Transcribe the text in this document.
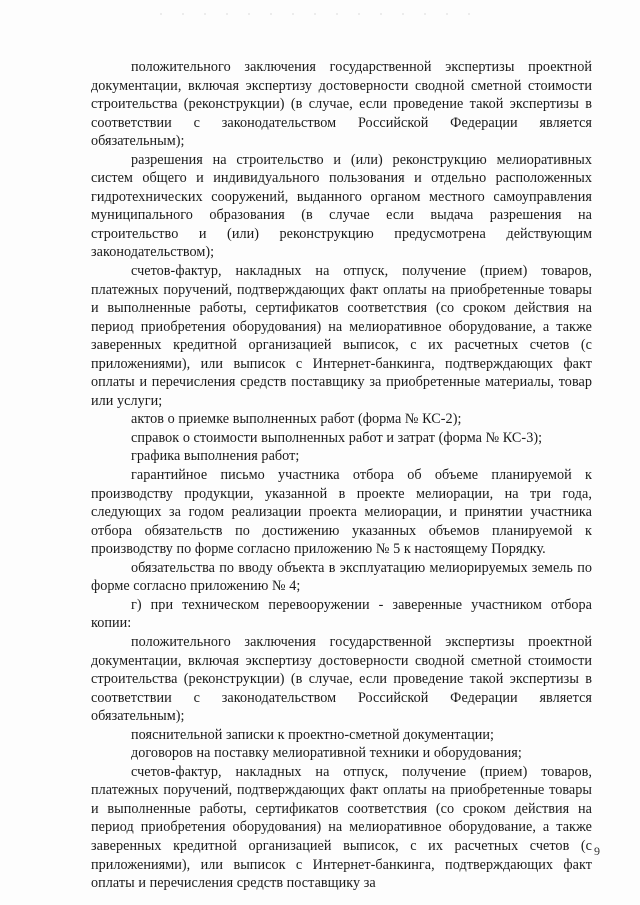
положительного заключения государственной экспертизы проектной документации, включая экспертизу достоверности сводной сметной стоимости строительства (реконструкции) (в случае, если проведение такой экспертизы в соответствии с законодательством Российской Федерации является обязательным);

разрешения на строительство и (или) реконструкцию мелиоративных систем общего и индивидуального пользования и отдельно расположенных гидротехнических сооружений, выданного органом местного самоуправления муниципального образования (в случае если выдача разрешения на строительство и (или) реконструкцию предусмотрена действующим законодательством);

счетов-фактур, накладных на отпуск, получение (прием) товаров, платежных поручений, подтверждающих факт оплаты на приобретенные товары и выполненные работы, сертификатов соответствия (со сроком действия на период приобретения оборудования) на мелиоративное оборудование, а также заверенных кредитной организацией выписок, с их расчетных счетов (с приложениями), или выписок с Интернет-банкинга, подтверждающих факт оплаты и перечисления средств поставщику за приобретенные материалы, товар или услуги;

актов о приемке выполненных работ (форма № КС-2);

справок о стоимости выполненных работ и затрат (форма № КС-3);

графика выполнения работ;

гарантийное письмо участника отбора об объеме планируемой к производству продукции, указанной в проекте мелиорации, на три года, следующих за годом реализации проекта мелиорации, и принятии участника отбора обязательств по достижению указанных объемов планируемой к производству по форме согласно приложению № 5 к настоящему Порядку.

обязательства по вводу объекта в эксплуатацию мелиорируемых земель по форме согласно приложению № 4;

г) при техническом перевооружении - заверенные участником отбора копии:

положительного заключения государственной экспертизы проектной документации, включая экспертизу достоверности сводной сметной стоимости строительства (реконструкции) (в случае, если проведение такой экспертизы в соответствии с законодательством Российской Федерации является обязательным);

пояснительной записки к проектно-сметной документации;

договоров на поставку мелиоративной техники и оборудования;

счетов-фактур, накладных на отпуск, получение (прием) товаров, платежных поручений, подтверждающих факт оплаты на приобретенные товары и выполненные работы, сертификатов соответствия (со сроком действия на период приобретения оборудования) на мелиоративное оборудование, а также заверенных кредитной организацией выписок, с их расчетных счетов (с приложениями), или выписок с Интернет-банкинга, подтверждающих факт оплаты и перечисления средств поставщику за

9
